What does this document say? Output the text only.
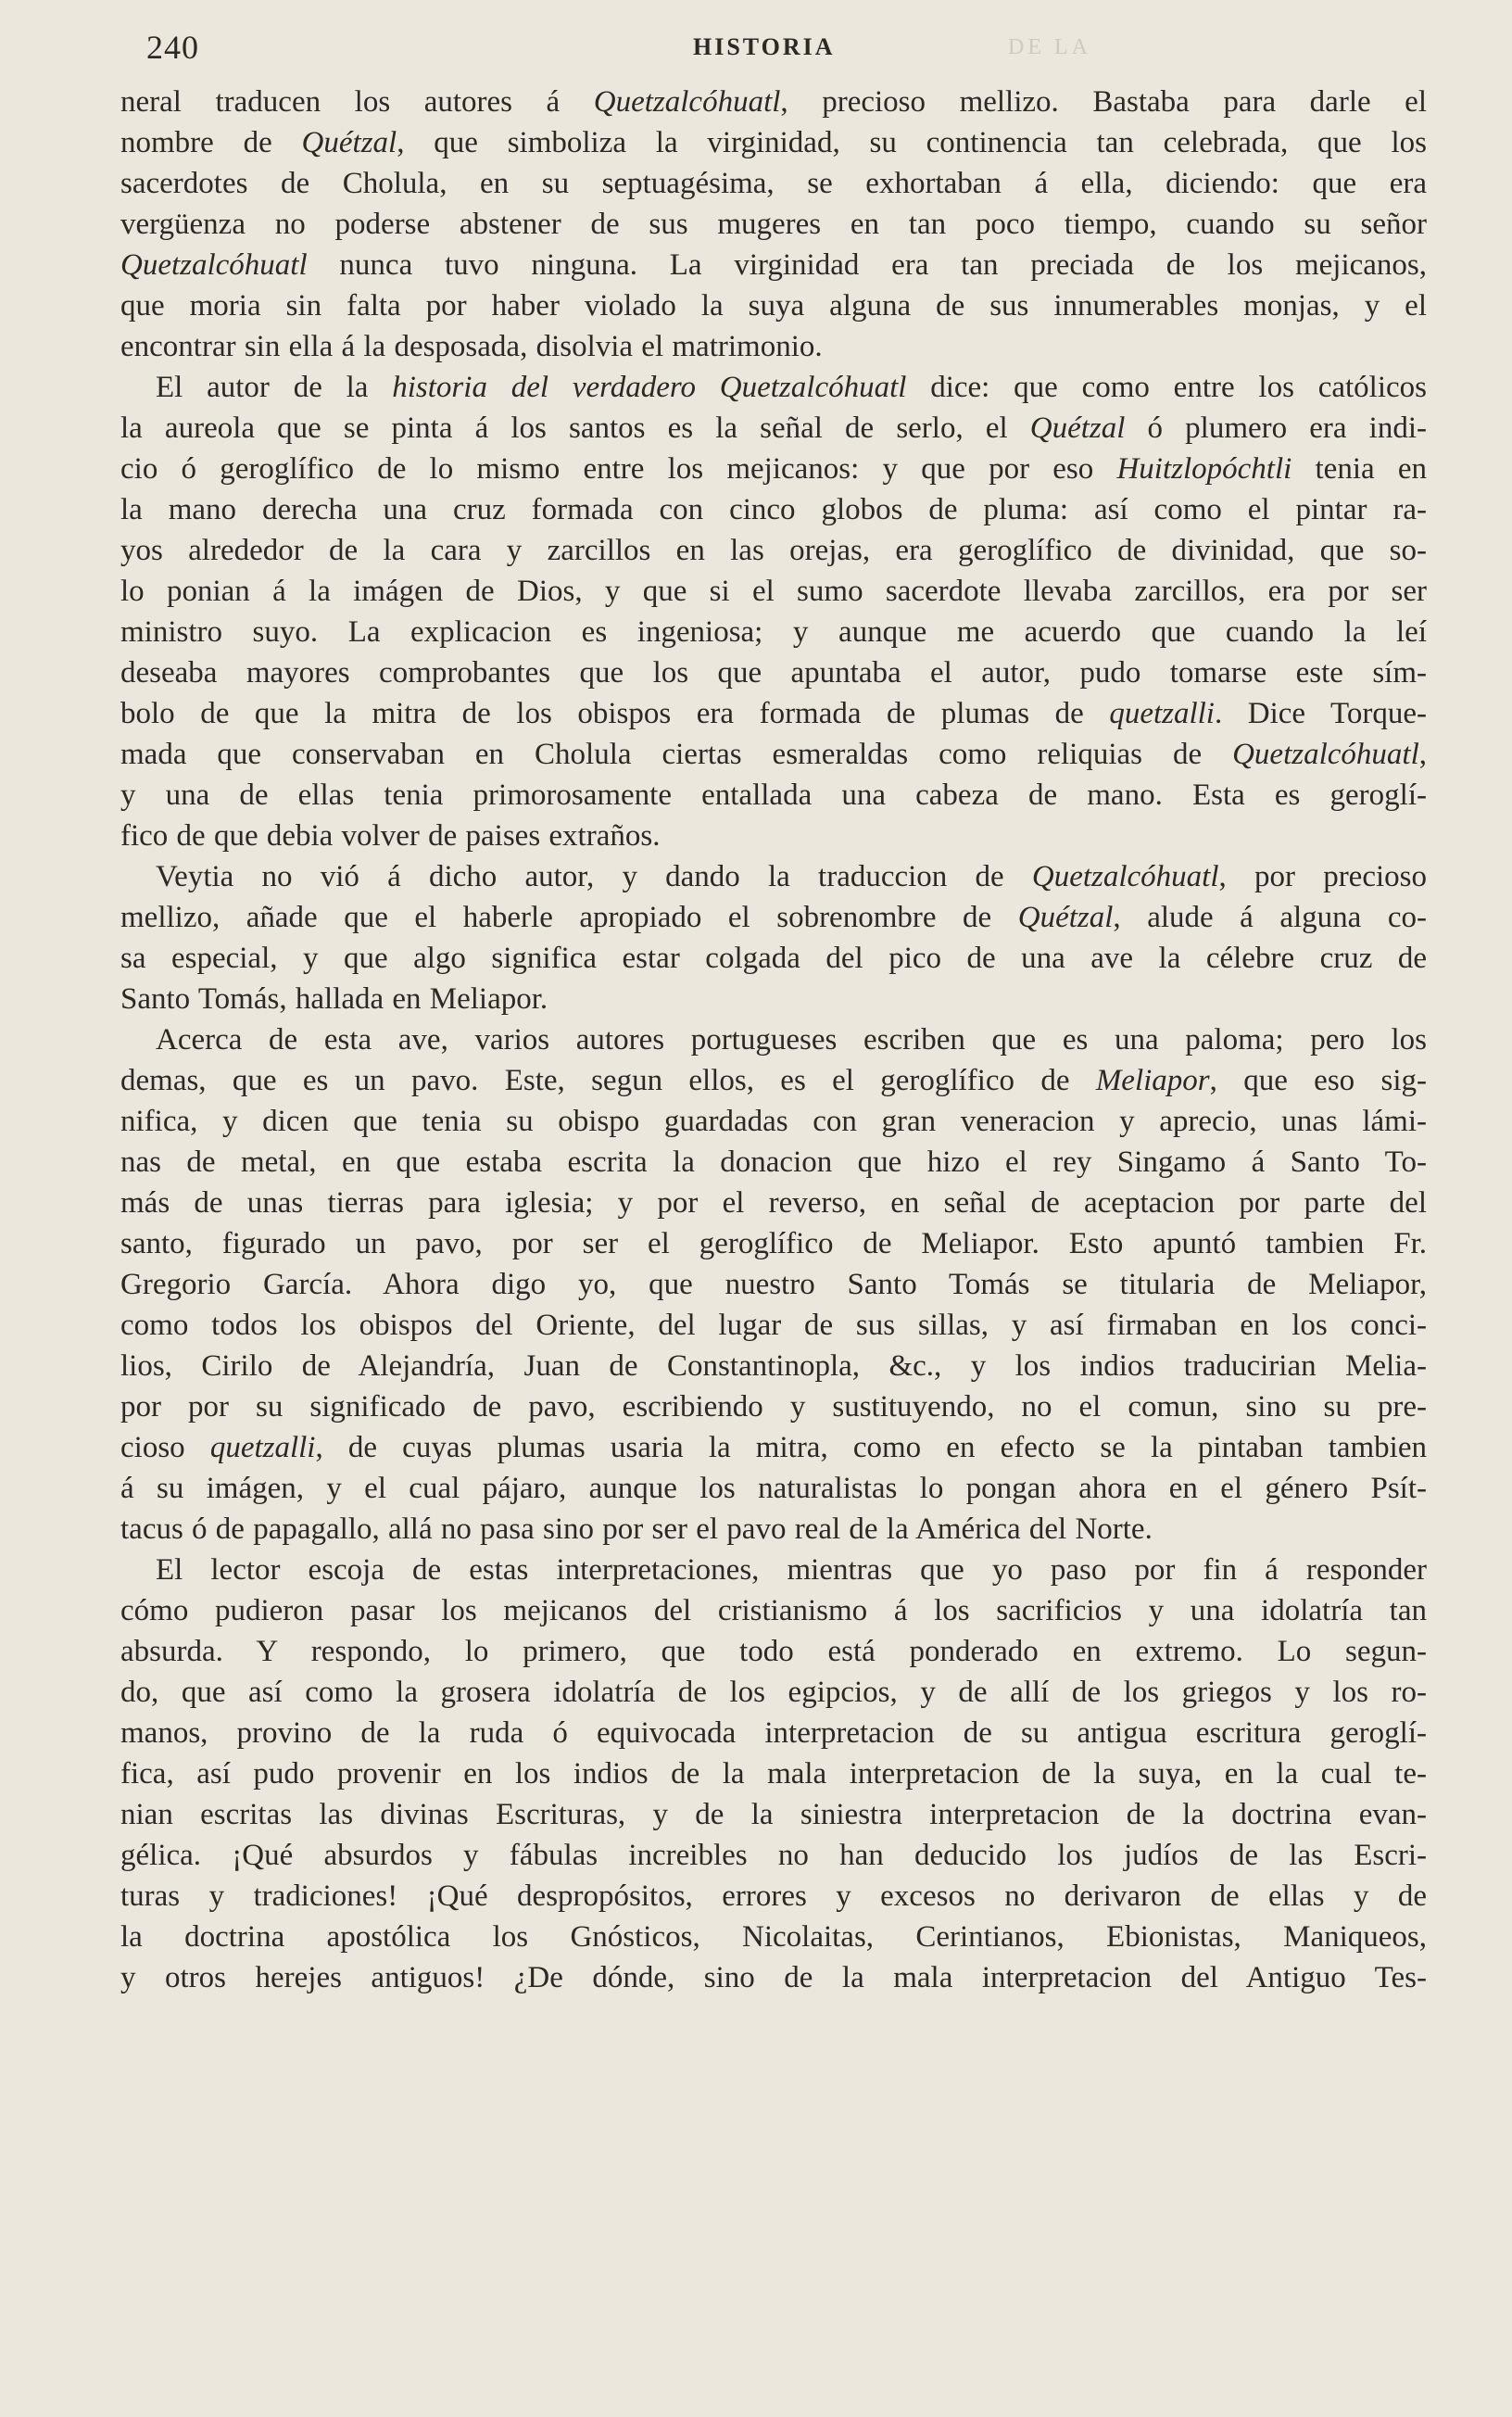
240	HISTORIA	DE LA
neral traducen los autores á Quetzalcóhuatl, precioso mellizo. Bastaba para darle el
nombre de Quétzal, que simboliza la virginidad, su continencia tan celebrada, que los
sacerdotes de Cholula, en su septuagésima, se exhortaban á ella, diciendo: que era
vergüenza no poderse abstener de sus mugeres en tan poco tiempo, cuando su señor
Quetzalcóhuatl nunca tuvo ninguna. La virginidad era tan preciada de los mejicanos,
que moria sin falta por haber violado la suya alguna de sus innumerables monjas, y el
encontrar sin ella á la desposada, disolvia el matrimonio.
El autor de la historia del verdadero Quetzalcóhuatl dice: que como entre los católicos
la aureola que se pinta á los santos es la señal de serlo, el Quétzal ó plumero era indi-
cio ó geroglífico de lo mismo entre los mejicanos: y que por eso Huitzlopóchtli tenia en
la mano derecha una cruz formada con cinco globos de pluma: así como el pintar ra-
yos alrededor de la cara y zarcillos en las orejas, era geroglífico de divinidad, que so-
lo ponian á la imágen de Dios, y que si el sumo sacerdote llevaba zarcillos, era por ser
ministro suyo. La explicacion es ingeniosa; y aunque me acuerdo que cuando la leí
deseaba mayores comprobantes que los que apuntaba el autor, pudo tomarse este sím-
bolo de que la mitra de los obispos era formada de plumas de quetzalli. Dice Torque-
mada que conservaban en Cholula ciertas esmeraldas como reliquias de Quetzalcóhuatl,
y una de ellas tenia primorosamente entallada una cabeza de mano. Esta es geroglí-
fico de que debia volver de paises extraños.
Veytia no vió á dicho autor, y dando la traduccion de Quetzalcóhuatl, por precioso
mellizo, añade que el haberle apropiado el sobrenombre de Quétzal, alude á alguna co-
sa especial, y que algo significa estar colgada del pico de una ave la célebre cruz de
Santo Tomás, hallada en Meliapor.
Acerca de esta ave, varios autores portugueses escriben que es una paloma; pero los
demas, que es un pavo. Este, segun ellos, es el geroglífico de Meliapor, que eso sig-
nifica, y dicen que tenia su obispo guardadas con gran veneracion y aprecio, unas lámi-
nas de metal, en que estaba escrita la donacion que hizo el rey Singamo á Santo To-
más de unas tierras para iglesia; y por el reverso, en señal de aceptacion por parte del
santo, figurado un pavo, por ser el geroglífico de Meliapor. Esto apuntó tambien Fr.
Gregorio García. Ahora digo yo, que nuestro Santo Tomás se titularia de Meliapor,
como todos los obispos del Oriente, del lugar de sus sillas, y así firmaban en los conci-
lios, Cirilo de Alejandría, Juan de Constantinopla, &c., y los indios traducirian Melia-
por por su significado de pavo, escribiendo y sustituyendo, no el comun, sino su pre-
cioso quetzalli, de cuyas plumas usaria la mitra, como en efecto se la pintaban tambien
á su imágen, y el cual pájaro, aunque los naturalistas lo pongan ahora en el género Psít-
tacus ó de papagallo, allá no pasa sino por ser el pavo real de la América del Norte.
El lector escoja de estas interpretaciones, mientras que yo paso por fin á responder
cómo pudieron pasar los mejicanos del cristianismo á los sacrificios y una idolatría tan
absurda. Y respondo, lo primero, que todo está ponderado en extremo. Lo segun-
do, que así como la grosera idolatría de los egipcios, y de allí de los griegos y los ro-
manos, provino de la ruda ó equivocada interpretacion de su antigua escritura geroglí-
fica, así pudo provenir en los indios de la mala interpretacion de la suya, en la cual te-
nian escritas las divinas Escrituras, y de la siniestra interpretacion de la doctrina evan-
gélica. ¡Qué absurdos y fábulas increibles no han deducido los judíos de las Escri-
turas y tradiciones! ¡Qué despropósitos, errores y excesos no derivaron de ellas y de
la doctrina apostólica los Gnósticos, Nicolaitas, Cerintianos, Ebionistas, Maniqueos,
y otros herejes antiguos! ¿De dónde, sino de la mala interpretacion del Antiguo Tes-
